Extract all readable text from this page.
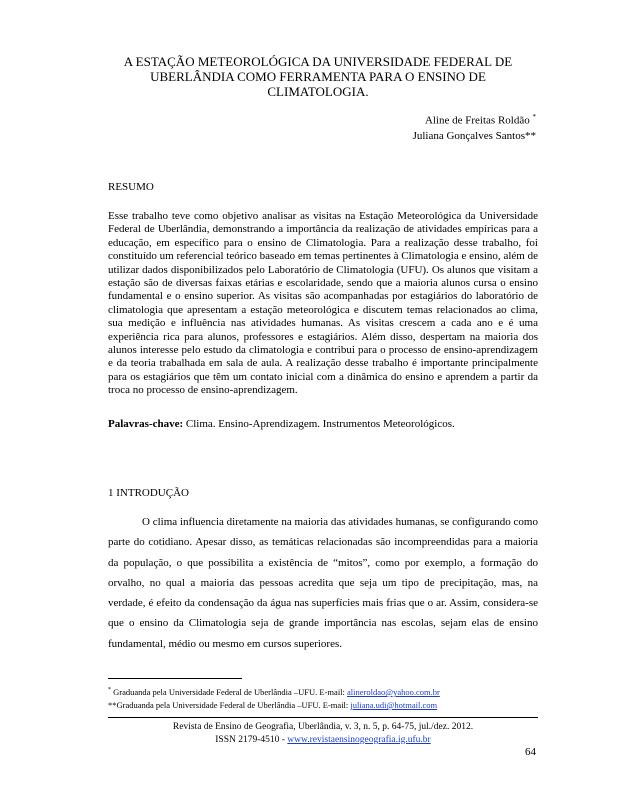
A ESTAÇÃO METEOROLÓGICA DA UNIVERSIDADE FEDERAL DE UBERLÂNDIA COMO FERRAMENTA PARA O ENSINO DE CLIMATOLOGIA.
Aline de Freitas Roldão *
Juliana Gonçalves Santos**
RESUMO
Esse trabalho teve como objetivo analisar as visitas na Estação Meteorológica da Universidade Federal de Uberlândia, demonstrando a importância da realização de atividades empíricas para a educação, em específico para o ensino de Climatologia. Para a realização desse trabalho, foi constituído um referencial teórico baseado em temas pertinentes à Climatologia e ensino, além de utilizar dados disponibilizados pelo Laboratório de Climatologia (UFU). Os alunos que visitam a estação são de diversas faixas etárias e escolaridade, sendo que a maioria alunos cursa o ensino fundamental e o ensino superior. As visitas são acompanhadas por estagiários do laboratório de climatologia que apresentam a estação meteorológica e discutem temas relacionados ao clima, sua medição e influência nas atividades humanas. As visitas crescem a cada ano e é uma experiência rica para alunos, professores e estagiários. Além disso, despertam na maioria dos alunos interesse pelo estudo da climatologia e contribui para o processo de ensino-aprendizagem e da teoria trabalhada em sala de aula. A realização desse trabalho é importante principalmente para os estagiários que têm um contato inicial com a dinâmica do ensino e aprendem a partir da troca no processo de ensino-aprendizagem.
Palavras-chave: Clima. Ensino-Aprendizagem. Instrumentos Meteorológicos.
1 INTRODUÇÃO
O clima influencia diretamente na maioria das atividades humanas, se configurando como parte do cotidiano. Apesar disso, as temáticas relacionadas são incompreendidas para a maioria da população, o que possibilita a existência de “mitos”, como por exemplo, a formação do orvalho, no qual a maioria das pessoas acredita que seja um tipo de precipitação, mas, na verdade, é efeito da condensação da água nas superfícies mais frias que o ar. Assim, considera-se que o ensino da Climatologia seja de grande importância nas escolas, sejam elas de ensino fundamental, médio ou mesmo em cursos superiores.
* Graduanda pela Universidade Federal de Uberlândia –UFU. E-mail: alineroldao@yahoo.com.br
**Graduanda pela Universidade Federal de Uberlândia –UFU. E-mail: juliana.udi@hotmail.com
Revista de Ensino de Geografia, Uberlândia, v. 3, n. 5, p. 64-75, jul./dez. 2012.
ISSN 2179-4510 - www.revistaensinogeografia.ig.ufu.br
64
